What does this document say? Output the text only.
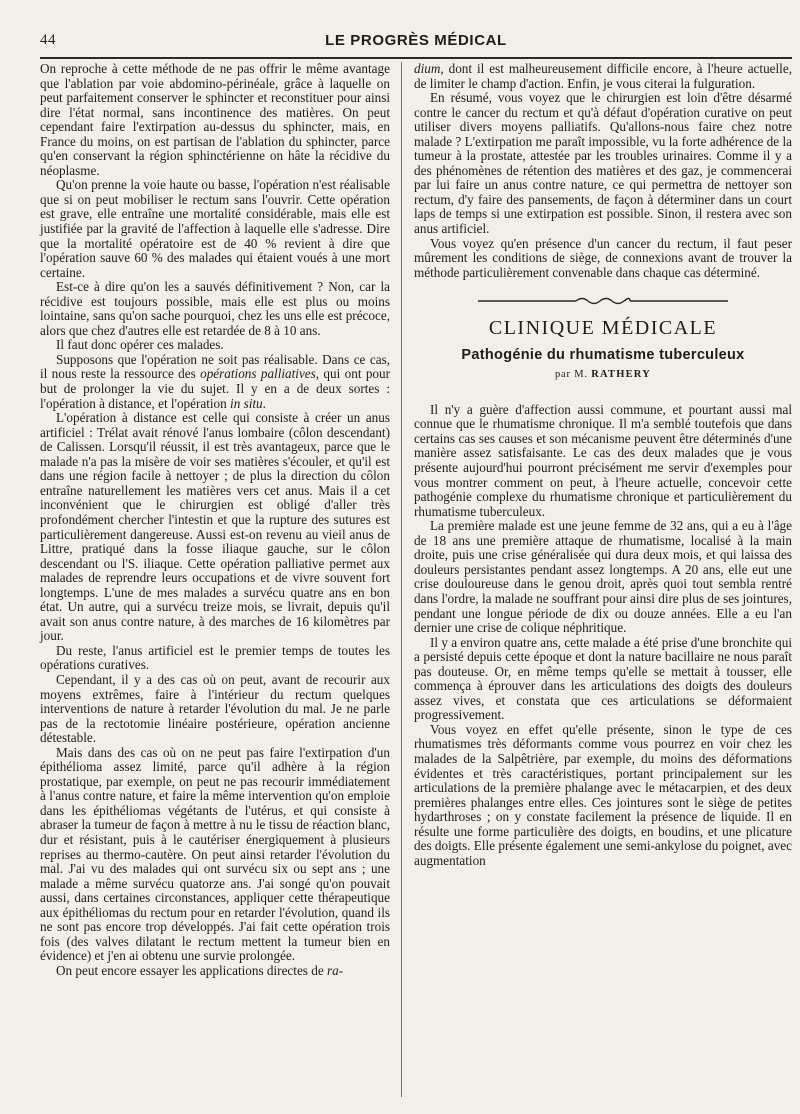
44	LE PROGRÈS MÉDICAL

On reproche à cette méthode de ne pas offrir le même avantage que l'ablation par voie abdomino-périnéale, grâce à laquelle on peut parfaitement conserver le sphincter et reconstituer pour ainsi dire l'état normal, sans incontinence des matières. On peut cependant faire l'extirpation au-dessus du sphincter, mais, en France du moins, on est partisan de l'ablation du sphincter, parce qu'en conservant la région sphinctérienne on hâte la récidive du néoplasme.

Qu'on prenne la voie haute ou basse, l'opération n'est réalisable que si on peut mobiliser le rectum sans l'ouvrir. Cette opération est grave, elle entraîne une mortalité considérable, mais elle est justifiée par la gravité de l'affection à laquelle elle s'adresse. Dire que la mortalité opératoire est de 40 % revient à dire que l'opération sauve 60 % des malades qui étaient voués à une mort certaine.

Est-ce à dire qu'on les a sauvés définitivement ? Non, car la récidive est toujours possible, mais elle est plus ou moins lointaine, sans qu'on sache pourquoi, chez les uns elle est précoce, alors que chez d'autres elle est retardée de 8 à 10 ans.

Il faut donc opérer ces malades.

Supposons que l'opération ne soit pas réalisable. Dans ce cas, il nous reste la ressource des opérations palliatives, qui ont pour but de prolonger la vie du sujet. Il y en a de deux sortes : l'opération à distance, et l'opération in situ.

L'opération à distance est celle qui consiste à créer un anus artificiel : Trélat avait rénové l'anus lombaire (côlon descendant) de Calissen. Lorsqu'il réussit, il est très avantageux, parce que le malade n'a pas la misère de voir ses matières s'écouler, et qu'il est dans une région facile à nettoyer ; de plus la direction du côlon entraîne naturellement les matières vers cet anus. Mais il a cet inconvénient que le chirurgien est obligé d'aller très profondément chercher l'intestin et que la rupture des sutures est particulièrement dangereuse. Aussi est-on revenu au vieil anus de Littre, pratiqué dans la fosse iliaque gauche, sur le côlon descendant ou l'S. iliaque. Cette opération palliative permet aux malades de reprendre leurs occupations et de vivre souvent fort longtemps. L'une de mes malades a survécu quatre ans en bon état. Un autre, qui a survécu treize mois, se livrait, depuis qu'il avait son anus contre nature, à des marches de 16 kilomètres par jour.

Du reste, l'anus artificiel est le premier temps de toutes les opérations curatives.

Cependant, il y a des cas où on peut, avant de recourir aux moyens extrêmes, faire à l'intérieur du rectum quelques interventions de nature à retarder l'évolution du mal. Je ne parle pas de la rectotomie linéaire postérieure, opération ancienne détestable.

Mais dans des cas où on ne peut pas faire l'extirpation d'un épithélioma assez limité, parce qu'il adhère à la région prostatique, par exemple, on peut ne pas recourir immédiatement à l'anus contre nature, et faire la même intervention qu'on emploie dans les épithéliomas végétants de l'utérus, et qui consiste à abraser la tumeur de façon à mettre à nu le tissu de réaction blanc, dur et résistant, puis à le cautériser énergiquement à plusieurs reprises au thermo-cautère. On peut ainsi retarder l'évolution du mal. J'ai vu des malades qui ont survécu six ou sept ans ; une malade a même survécu quatorze ans. J'ai songé qu'on pouvait aussi, dans certaines circonstances, appliquer cette thérapeutique aux épithéliomas du rectum pour en retarder l'évolution, quand ils ne sont pas encore trop développés. J'ai fait cette opération trois fois (des valves dilatant le rectum mettent la tumeur bien en évidence) et j'en ai obtenu une survie prolongée.

On peut encore essayer les applications directes de ra-

dium, dont il est malheureusement difficile encore, à l'heure actuelle, de limiter le champ d'action. Enfin, je vous citerai la fulguration.

En résumé, vous voyez que le chirurgien est loin d'être désarmé contre le cancer du rectum et qu'à défaut d'opération curative on peut utiliser divers moyens palliatifs. Qu'allons-nous faire chez notre malade ? L'extirpation me paraît impossible, vu la forte adhérence de la tumeur à la prostate, attestée par les troubles urinaires. Comme il y a des phénomènes de rétention des matières et des gaz, je commencerai par lui faire un anus contre nature, ce qui permettra de nettoyer son rectum, d'y faire des pansements, de façon à déterminer dans un court laps de temps si une extirpation est possible. Sinon, il restera avec son anus artificiel.

Vous voyez qu'en présence d'un cancer du rectum, il faut peser mûrement les conditions de siège, de connexions avant de trouver la méthode particulièrement convenable dans chaque cas déterminé.

CLINIQUE MÉDICALE
Pathogénie du rhumatisme tuberculeux
par M. RATHERY

Il n'y a guère d'affection aussi commune, et pourtant aussi mal connue que le rhumatisme chronique. Il m'a semblé toutefois que dans certains cas ses causes et son mécanisme peuvent être déterminés d'une manière assez satisfaisante. Le cas des deux malades que je vous présente aujourd'hui pourront précisément me servir d'exemples pour vous montrer comment on peut, à l'heure actuelle, concevoir cette pathogénie complexe du rhumatisme chronique et particulièrement du rhumatisme tuberculeux.

La première malade est une jeune femme de 32 ans, qui a eu à l'âge de 18 ans une première attaque de rhumatisme, localisé à la main droite, puis une crise généralisée qui dura deux mois, et qui laissa des douleurs persistantes pendant assez longtemps. A 20 ans, elle eut une crise douloureuse dans le genou droit, après quoi tout sembla rentré dans l'ordre, la malade ne souffrant pour ainsi dire plus de ses jointures, pendant une longue période de dix ou douze années. Elle a eu l'an dernier une crise de colique néphritique.

Il y a environ quatre ans, cette malade a été prise d'une bronchite qui a persisté depuis cette époque et dont la nature bacillaire ne nous paraît pas douteuse. Or, en même temps qu'elle se mettait à tousser, elle commença à éprouver dans les articulations des doigts des douleurs assez vives, et constata que ces articulations se déformaient progressivement.

Vous voyez en effet qu'elle présente, sinon le type de ces rhumatismes très déformants comme vous pourrez en voir chez les malades de la Salpêtrière, par exemple, du moins des déformations évidentes et très caractéristiques, portant principalement sur les articulations de la première phalange avec le métacarpien, et des deux premières phalanges entre elles. Ces jointures sont le siège de petites hydarthroses ; on y constate facilement la présence de liquide. Il en résulte une forme particulière des doigts, en boudins, et une plicature des doigts. Elle présente également une semi-ankylose du poignet, avec augmentation
